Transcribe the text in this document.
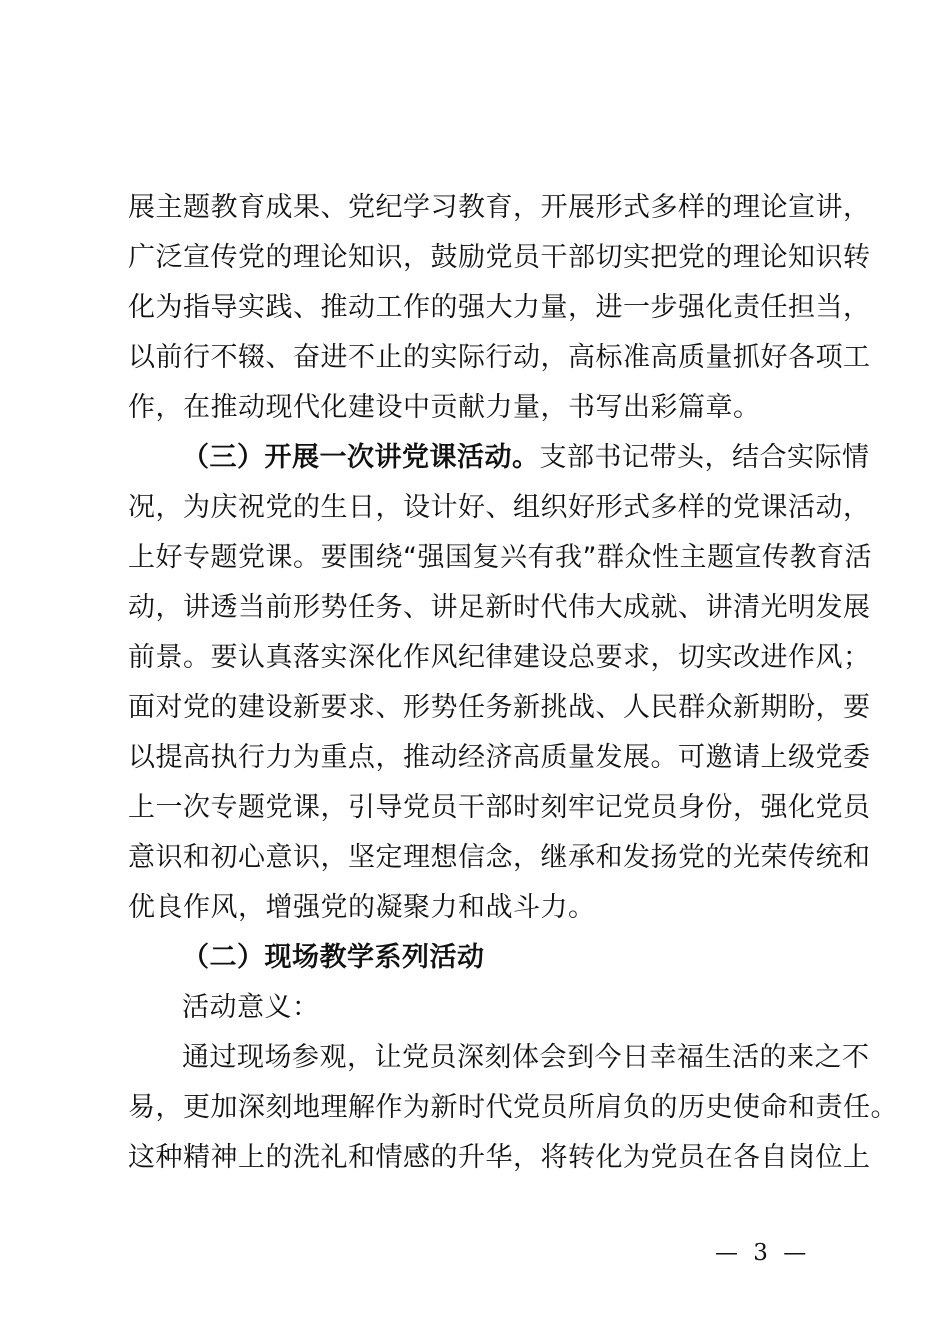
展主题教育成果、党纪学习教育，开展形式多样的理论宣讲，
广泛宣传党的理论知识，鼓励党员干部切实把党的理论知识转
化为指导实践、推动工作的强大力量，进一步强化责任担当，
以前行不辍、奋进不止的实际行动，高标准高质量抓好各项工
作，在推动现代化建设中贡献力量，书写出彩篇章。
（三）开展一次讲党课活动。支部书记带头，结合实际情
况，为庆祝党的生日，设计好、组织好形式多样的党课活动，
上好专题党课。要围绕“强国复兴有我”群众性主题宣传教育活
动，讲透当前形势任务、讲足新时代伟大成就、讲清光明发展
前景。要认真落实深化作风纪律建设总要求，切实改进作风；
面对党的建设新要求、形势任务新挑战、人民群众新期盼，要
以提高执行力为重点，推动经济高质量发展。可邀请上级党委
上一次专题党课，引导党员干部时刻牢记党员身份，强化党员
意识和初心意识，坚定理想信念，继承和发扬党的光荣传统和
优良作风，增强党的凝聚力和战斗力。
（二）现场教学系列活动
活动意义：
通过现场参观，让党员深刻体会到今日幸福生活的来之不
易，更加深刻地理解作为新时代党员所肩负的历史使命和责任。
这种精神上的洗礼和情感的升华，将转化为党员在各自岗位上
— 3 —
